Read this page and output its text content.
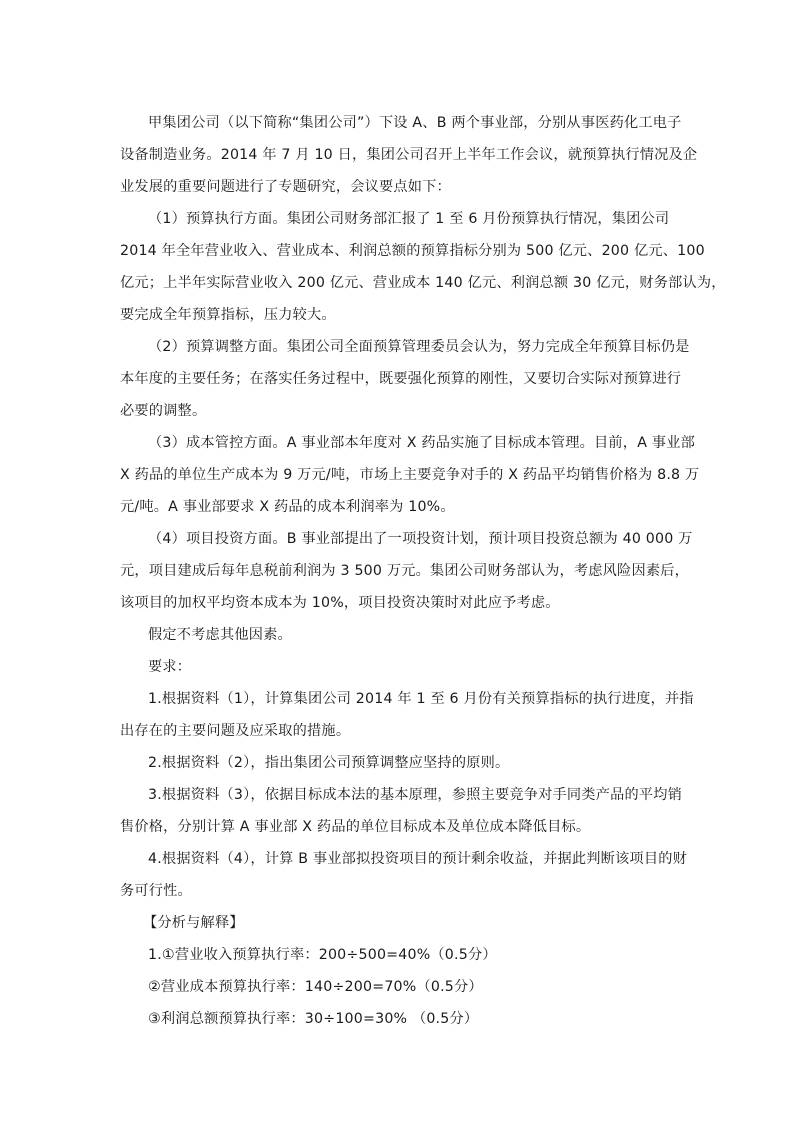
甲集团公司（以下简称“集团公司”）下设 A、B 两个事业部，分别从事医药化工电子
设备制造业务。2014 年 7 月 10 日，集团公司召开上半年工作会议，就预算执行情况及企
业发展的重要问题进行了专题研究，会议要点如下：
（1）预算执行方面。集团公司财务部汇报了 1 至 6 月份预算执行情况，集团公司
2014 年全年营业收入、营业成本、利润总额的预算指标分别为 500 亿元、200 亿元、100
亿元；上半年实际营业收入 200 亿元、营业成本 140 亿元、利润总额 30 亿元，财务部认为，
要完成全年预算指标，压力较大。
（2）预算调整方面。集团公司全面预算管理委员会认为，努力完成全年预算目标仍是
本年度的主要任务；在落实任务过程中，既要强化预算的刚性，又要切合实际对预算进行
必要的调整。
（3）成本管控方面。A 事业部本年度对 X 药品实施了目标成本管理。目前，A 事业部
X 药品的单位生产成本为 9 万元/吨，市场上主要竞争对手的 X 药品平均销售价格为 8.8 万
元/吨。A 事业部要求 X 药品的成本利润率为 10%。
（4）项目投资方面。B 事业部提出了一项投资计划，预计项目投资总额为 40 000 万
元，项目建成后每年息税前利润为 3 500 万元。集团公司财务部认为，考虑风险因素后，
该项目的加权平均资本成本为 10%，项目投资决策时对此应予考虑。
假定不考虑其他因素。
要求：
1.根据资料（1），计算集团公司 2014 年 1 至 6 月份有关预算指标的执行进度，并指
出存在的主要问题及应采取的措施。
2.根据资料（2），指出集团公司预算调整应坚持的原则。
3.根据资料（3），依据目标成本法的基本原理，参照主要竞争对手同类产品的平均销
售价格，分别计算 A 事业部 X 药品的单位目标成本及单位成本降低目标。
4.根据资料（4），计算 B 事业部拟投资项目的预计剩余收益，并据此判断该项目的财
务可行性。
【分析与解释】
1.①营业收入预算执行率：200÷500=40%（0.5分）
②营业成本预算执行率：140÷200=70%（0.5分）
③利润总额预算执行率：30÷100=30% （0.5分）
